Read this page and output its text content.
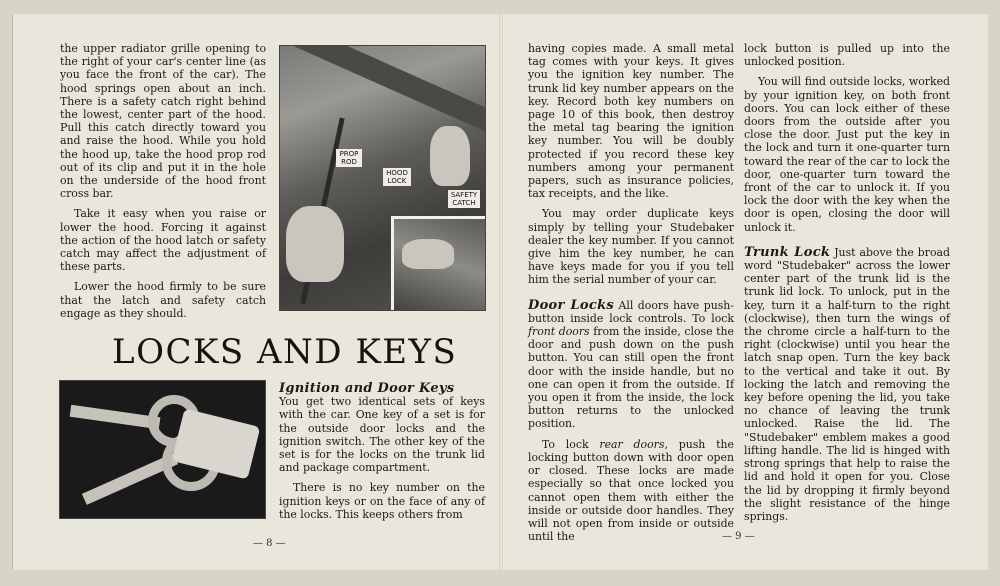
the upper radiator grille opening to the right of your car's center line (as you face the front of the car). The hood springs open about an inch. There is a safety catch right behind the lowest, center part of the hood. Pull this catch directly toward you and raise the hood. While you hold the hood up, take the hood prop rod out of its clip and put it in the hole on the underside of the hood front cross bar.

Take it easy when you raise or lower the hood. Forcing it against the action of the hood latch or safety catch may affect the adjustment of these parts.

Lower the hood firmly to be sure that the latch and safety catch engage as they should.

PROP ROD
HOOD LOCK
SAFETY CATCH
LOCKS AND KEYS

Ignition and Door Keys

You get two identical sets of keys with the car. One key of a set is for the outside door locks and the ignition switch. The other key of the set is for the locks on the trunk lid and package compartment.

There is no key number on the ignition keys or on the face of any of the locks. This keeps others from

— 8 —

having copies made. A small metal tag comes with your keys. It gives you the ignition key number. The trunk lid key number appears on the key. Record both key numbers on page 10 of this book, then destroy the metal tag bearing the ignition key number. You will be doubly protected if you record these key numbers among your permanent papers, such as insurance policies, tax receipts, and the like.

You may order duplicate keys simply by telling your Studebaker dealer the key number. If you cannot give him the key number, he can have keys made for you if you tell him the serial number of your car.

Door Locks All doors have push-button inside lock controls. To lock front doors from the inside, close the door and push down on the push button. You can still open the front door with the inside handle, but no one can open it from the outside. If you open it from the inside, the lock button returns to the unlocked position.

To lock rear doors, push the locking button down with door open or closed. These locks are made especially so that once locked you cannot open them with either the inside or outside door handles. They will not open from inside or outside until the

lock button is pulled up into the unlocked position.

You will find outside locks, worked by your ignition key, on both front doors. You can lock either of these doors from the outside after you close the door. Just put the key in the lock and turn it one-quarter turn toward the rear of the car to lock the door, one-quarter turn toward the front of the car to unlock it. If you lock the door with the key when the door is open, closing the door will unlock it.

Trunk Lock Just above the broad word "Studebaker" across the lower center part of the trunk lid is the trunk lid lock. To unlock, put in the key, turn it a half-turn to the right (clockwise), then turn the wings of the chrome circle a half-turn to the right (clockwise) until you hear the latch snap open. Turn the key back to the vertical and take it out. By locking the latch and removing the key before opening the lid, you take no chance of leaving the trunk unlocked. Raise the lid. The "Studebaker" emblem makes a good lifting handle. The lid is hinged with strong springs that help to raise the lid and hold it open for you. Close the lid by dropping it firmly beyond the slight resistance of the hinge springs.

— 9 —
